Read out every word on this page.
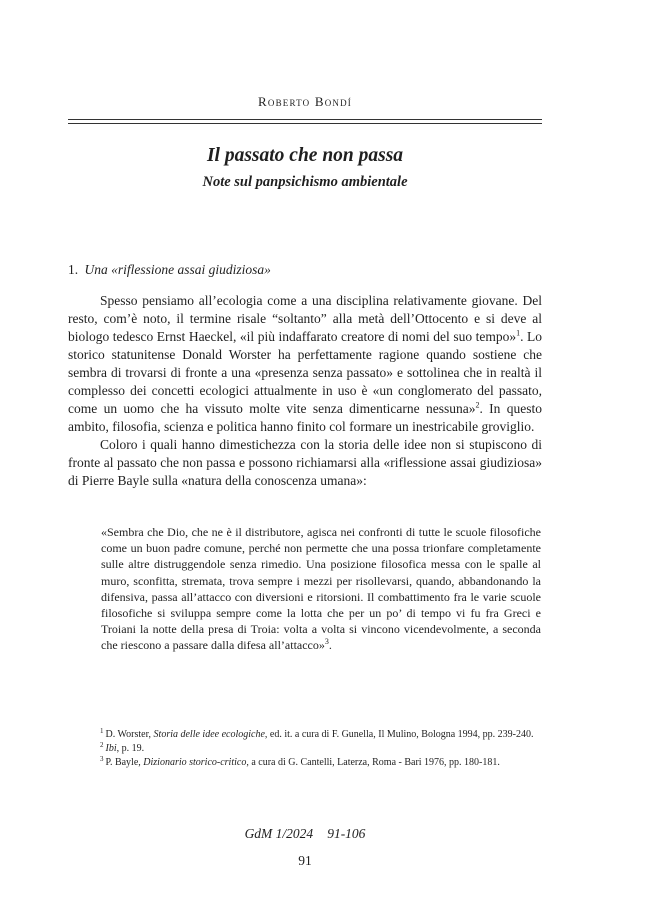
Roberto Bondí
Il passato che non passa
Note sul panpsichismo ambientale
1. Una «riflessione assai giudiziosa»

Spesso pensiamo all’ecologia come a una disciplina relativamente giovane. Del resto, com’è noto, il termine risale “soltanto” alla metà dell’Ottocento e si deve al biologo tedesco Ernst Haeckel, «il più indaffarato creatore di nomi del suo tempo»$^1$. Lo storico statunitense Donald Worster ha perfettamente ragione quando sostiene che sembra di trovarsi di fronte a una «presenza senza passato» e sottolinea che in realtà il complesso dei concetti ecologici attualmente in uso è «un conglomerato del passato, come un uomo che ha vissuto molte vite senza dimenticarne nessuna»$^2$. In questo ambito, filosofia, scienza e politica hanno finito col formare un inestricabile groviglio.

Coloro i quali hanno dimestichezza con la storia delle idee non si stupiscono di fronte al passato che non passa e possono richiamarsi alla «riflessione assai giudiziosa» di Pierre Bayle sulla «natura della conoscenza umana»:

«Sembra che Dio, che ne è il distributore, agisca nei confronti di tutte le scuole filosofiche come un buon padre comune, perché non permette che una possa trionfare completamente sulle altre distruggendole senza rimedio. Una posizione filosofica messa con le spalle al muro, sconfitta, stremata, trova sempre i mezzi per risollevarsi, quando, abbandonando la difensiva, passa all’attacco con diversioni e ritorsioni. Il combattimento fra le varie scuole filosofiche si sviluppa sempre come la lotta che per un po’ di tempo vi fu fra Greci e Troiani la notte della presa di Troia: volta a volta si vincono vicendevolmente, a seconda che riescono a passare dalla difesa all’attacco»$^3$.
$^1$ D. Worster, Storia delle idee ecologiche, ed. it. a cura di F. Gunella, Il Mulino, Bologna 1994, pp. 239-240.
$^2$ Ibi, p. 19.
$^3$ P. Bayle, Dizionario storico-critico, a cura di G. Cantelli, Laterza, Roma - Bari 1976, pp. 180-181.
GdM 1/2024 91-106
91
